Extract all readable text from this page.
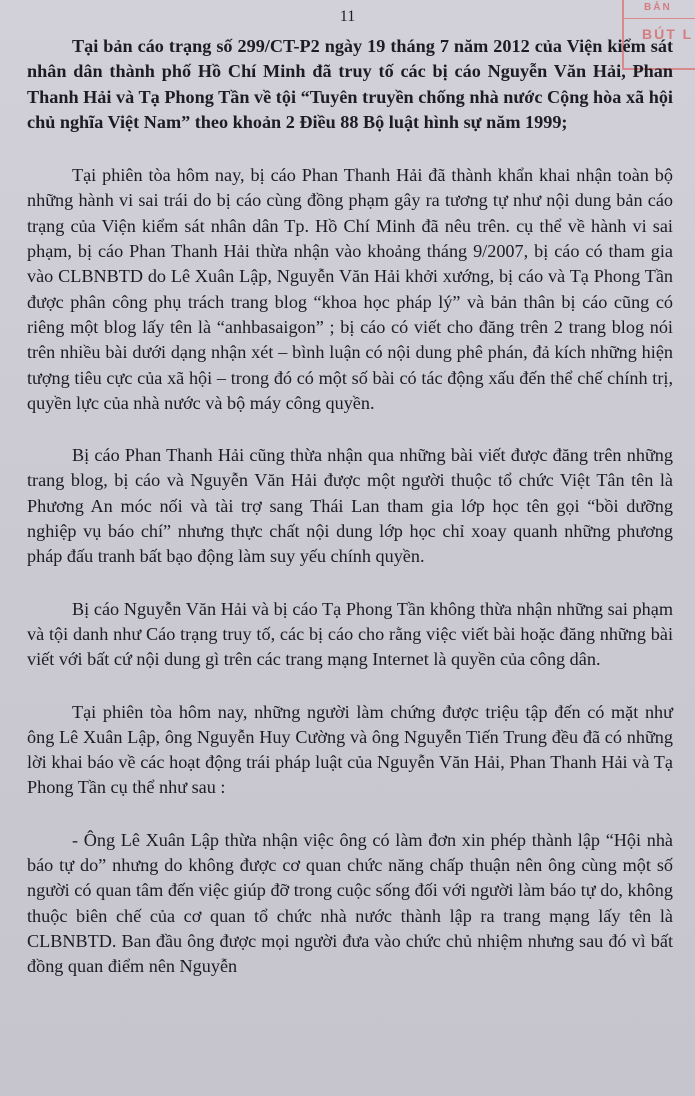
11
BẢN
BÚT L

Tại bản cáo trạng số 299/CT-P2 ngày 19 tháng 7 năm 2012 của Viện kiểm sát nhân dân thành phố Hồ Chí Minh đã truy tố các bị cáo Nguyễn Văn Hải, Phan Thanh Hải và Tạ Phong Tần về tội “Tuyên truyền chống nhà nước Cộng hòa xã hội chủ nghĩa Việt Nam” theo khoản 2 Điều 88 Bộ luật hình sự năm 1999;

Tại phiên tòa hôm nay, bị cáo Phan Thanh Hải đã thành khẩn khai nhận toàn bộ những hành vi sai trái do bị cáo cùng đồng phạm gây ra tương tự như nội dung bản cáo trạng của Viện kiểm sát nhân dân Tp. Hồ Chí Minh đã nêu trên. cụ thể về hành vi sai phạm, bị cáo Phan Thanh Hải thừa nhận vào khoảng tháng 9/2007, bị cáo có tham gia vào CLBNBTD do Lê Xuân Lập, Nguyễn Văn Hải khởi xướng, bị cáo và Tạ Phong Tần được phân công phụ trách trang blog “khoa học pháp lý” và bản thân bị cáo cũng có riêng một blog lấy tên là “anhbasaigon” ; bị cáo có viết cho đăng trên 2 trang blog nói trên nhiều bài dưới dạng nhận xét – bình luận có nội dung phê phán, đả kích những hiện tượng tiêu cực của xã hội – trong đó có một số bài có tác động xấu đến thể chế chính trị, quyền lực của nhà nước và bộ máy công quyền.

Bị cáo Phan Thanh Hải cũng thừa nhận qua những bài viết được đăng trên những trang blog, bị cáo và Nguyễn Văn Hải được một người thuộc tổ chức Việt Tân tên là Phương An móc nối và tài trợ sang Thái Lan tham gia lớp học tên gọi “bồi dưỡng nghiệp vụ báo chí” nhưng thực chất nội dung lớp học chỉ xoay quanh những phương pháp đấu tranh bất bạo động làm suy yếu chính quyền.

Bị cáo Nguyễn Văn Hải và bị cáo Tạ Phong Tần không thừa nhận những sai phạm và tội danh như Cáo trạng truy tố, các bị cáo cho rằng việc viết bài hoặc đăng những bài viết với bất cứ nội dung gì trên các trang mạng Internet là quyền của công dân.

Tại phiên tòa hôm nay, những người làm chứng được triệu tập đến có mặt như ông Lê Xuân Lập, ông Nguyễn Huy Cường và ông Nguyễn Tiến Trung đều đã có những lời khai báo về các hoạt động trái pháp luật của Nguyễn Văn Hải, Phan Thanh Hải và Tạ Phong Tần cụ thể như sau :

- Ông Lê Xuân Lập thừa nhận việc ông có làm đơn xin phép thành lập “Hội nhà báo tự do” nhưng do không được cơ quan chức năng chấp thuận nên ông cùng một số người có quan tâm đến việc giúp đỡ trong cuộc sống đối với người làm báo tự do, không thuộc biên chế của cơ quan tổ chức nhà nước thành lập ra trang mạng lấy tên là CLBNBTD. Ban đầu ông được mọi người đưa vào chức chủ nhiệm nhưng sau đó vì bất đồng quan điểm nên Nguyễn
